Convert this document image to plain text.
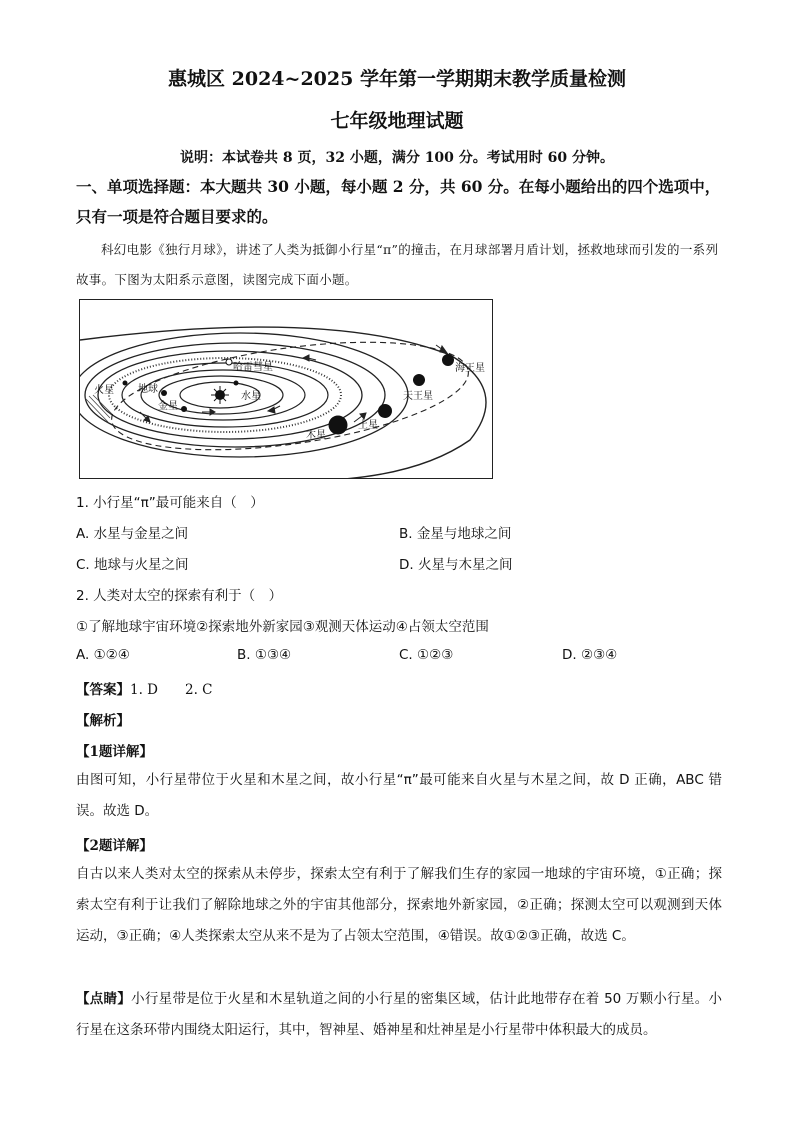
惠城区 2024~2025 学年第一学期期末教学质量检测
七年级地理试题
说明：本试卷共 8 页，32 小题，满分 100 分。考试用时 60 分钟。
一、单项选择题：本大题共 30 小题，每小题 2 分，共 60 分。在每小题给出的四个选项中，只有一项是符合题目要求的。
科幻电影《独行月球》，讲述了人类为抵御小行星“π”的撞击，在月球部署月盾计划，拯救地球而引发的一系列故事。下图为太阳系示意图，读图完成下面小题。
哈雷彗星
水星
金星
地球
火星
木星
土星
天王星
海王星
1. 小行星“π”最可能来自（　）
A. 水星与金星之间	B. 金星与地球之间
C. 地球与火星之间	D. 火星与木星之间
2. 人类对太空的探索有利于（　）
①了解地球宇宙环境②探索地外新家园③观测天体运动④占领太空范围
A. ①②④	B. ①③④	C. ①②③	D. ②③④
【答案】1. D　　2. C
【解析】
【1题详解】
由图可知，小行星带位于火星和木星之间，故小行星“π”最可能来自火星与木星之间，故 D 正确，ABC 错误。故选 D。
【2题详解】
自古以来人类对太空的探索从未停步，探索太空有利于了解我们生存的家园一地球的宇宙环境，①正确；探索太空有利于让我们了解除地球之外的宇宙其他部分，探索地外新家园，②正确；探测太空可以观测到天体运动，③正确；④人类探索太空从来不是为了占领太空范围，④错误。故①②③正确，故选 C。
【点睛】小行星带是位于火星和木星轨道之间的小行星的密集区域，估计此地带存在着 50 万颗小行星。小行星在这条环带内围绕太阳运行，其中，智神星、婚神星和灶神星是小行星带中体积最大的成员。
